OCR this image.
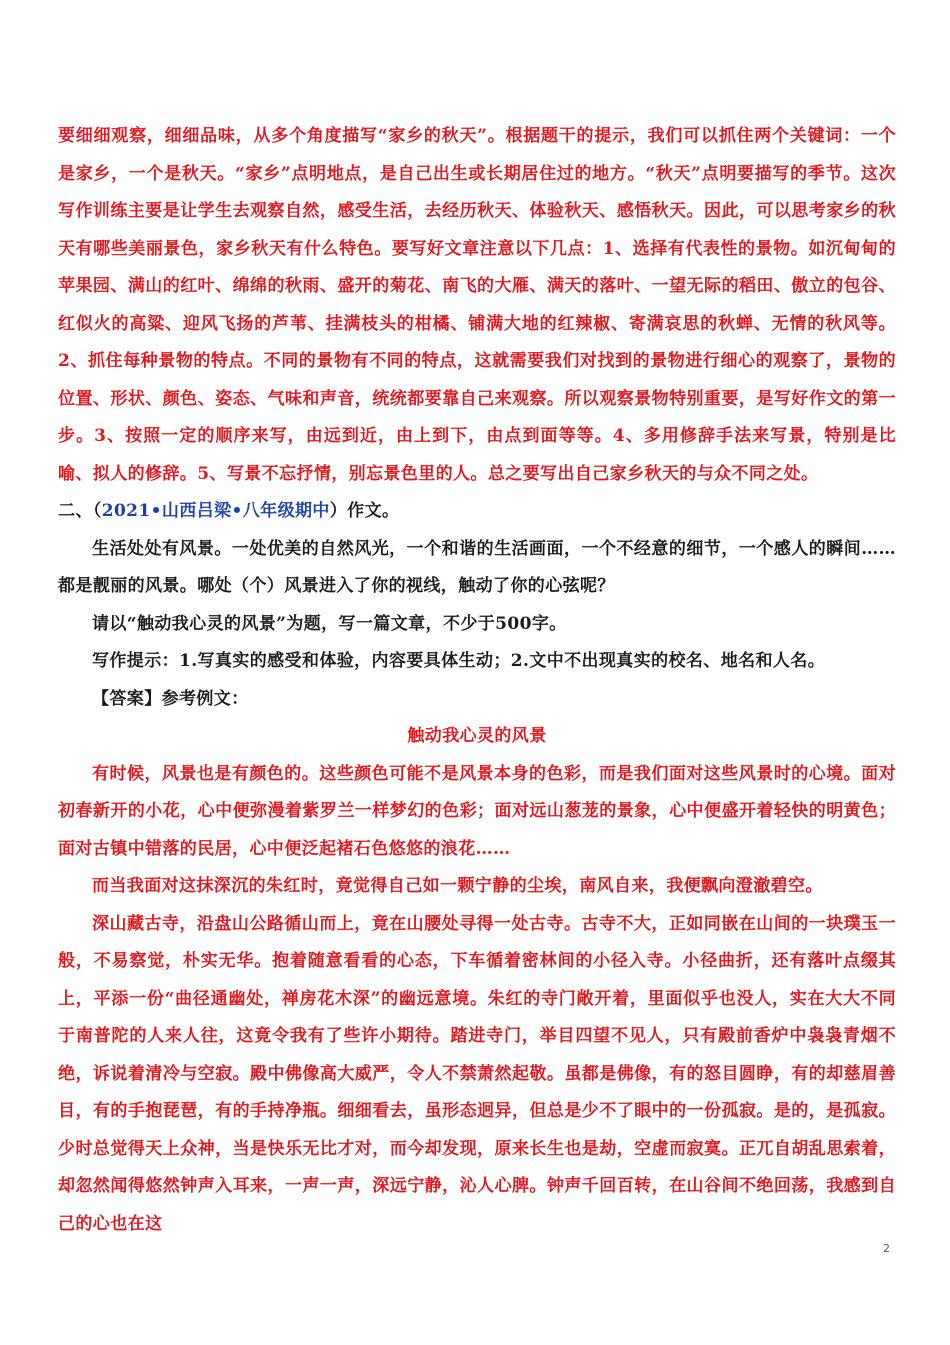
要细细观察，细细品味，从多个角度描写“家乡的秋天”。根据题干的提示，我们可以抓住两个关键词：一个是家乡，一个是秋天。“家乡”点明地点，是自己出生或长期居住过的地方。“秋天”点明要描写的季节。这次写作训练主要是让学生去观察自然，感受生活，去经历秋天、体验秋天、感悟秋天。因此，可以思考家乡的秋天有哪些美丽景色，家乡秋天有什么特色。要写好文章注意以下几点：1、选择有代表性的景物。如沉甸甸的苹果园、满山的红叶、绵绵的秋雨、盛开的菊花、南飞的大雁、满天的落叶、一望无际的稻田、傲立的包谷、红似火的高粱、迎风飞扬的芦苇、挂满枝头的柑橘、铺满大地的红辣椒、寄满哀思的秋蝉、无情的秋风等。2、抓住每种景物的特点。不同的景物有不同的特点，这就需要我们对找到的景物进行细心的观察了，景物的位置、形状、颜色、姿态、气味和声音，统统都要靠自己来观察。所以观察景物特别重要，是写好作文的第一步。3、按照一定的顺序来写，由远到近，由上到下，由点到面等等。4、多用修辞手法来写景，特别是比喻、拟人的修辞。5、写景不忘抒情，别忘景色里的人。总之要写出自己家乡秋天的与众不同之处。

二、（2021•山西吕梁•八年级期中）作文。

生活处处有风景。一处优美的自然风光，一个和谐的生活画面，一个不经意的细节，一个感人的瞬间……都是靓丽的风景。哪处（个）风景进入了你的视线，触动了你的心弦呢？

请以“触动我心灵的风景”为题，写一篇文章，不少于500字。

写作提示：1.写真实的感受和体验，内容要具体生动；2.文中不出现真实的校名、地名和人名。

【答案】参考例文：

触动我心灵的风景

有时候，风景也是有颜色的。这些颜色可能不是风景本身的色彩，而是我们面对这些风景时的心境。面对初春新开的小花，心中便弥漫着紫罗兰一样梦幻的色彩；面对远山葱茏的景象，心中便盛开着轻快的明黄色；面对古镇中错落的民居，心中便泛起褚石色悠悠的浪花……

而当我面对这抹深沉的朱红时，竟觉得自己如一颗宁静的尘埃，南风自来，我便飘向澄澈碧空。

深山藏古寺，沿盘山公路循山而上，竟在山腰处寻得一处古寺。古寺不大，正如同嵌在山间的一块璞玉一般，不易察觉，朴实无华。抱着随意看看的心态，下车循着密林间的小径入寺。小径曲折，还有落叶点缀其上，平添一份“曲径通幽处，禅房花木深”的幽远意境。朱红的寺门敞开着，里面似乎也没人，实在大大不同于南普陀的人来人往，这竟令我有了些许小期待。踏进寺门，举目四望不见人，只有殿前香炉中袅袅青烟不绝，诉说着清冷与空寂。殿中佛像高大威严，令人不禁萧然起敬。虽都是佛像，有的怒目圆睁，有的却慈眉善目，有的手抱琵琶，有的手持净瓶。细细看去，虽形态迥异，但总是少不了眼中的一份孤寂。是的，是孤寂。少时总觉得天上众神，当是快乐无比才对，而今却发现，原来长生也是劫，空虚而寂寞。正兀自胡乱思索着，却忽然闻得悠然钟声入耳来，一声一声，深远宁静，沁人心脾。钟声千回百转，在山谷间不绝回荡，我感到自己的心也在这

2
